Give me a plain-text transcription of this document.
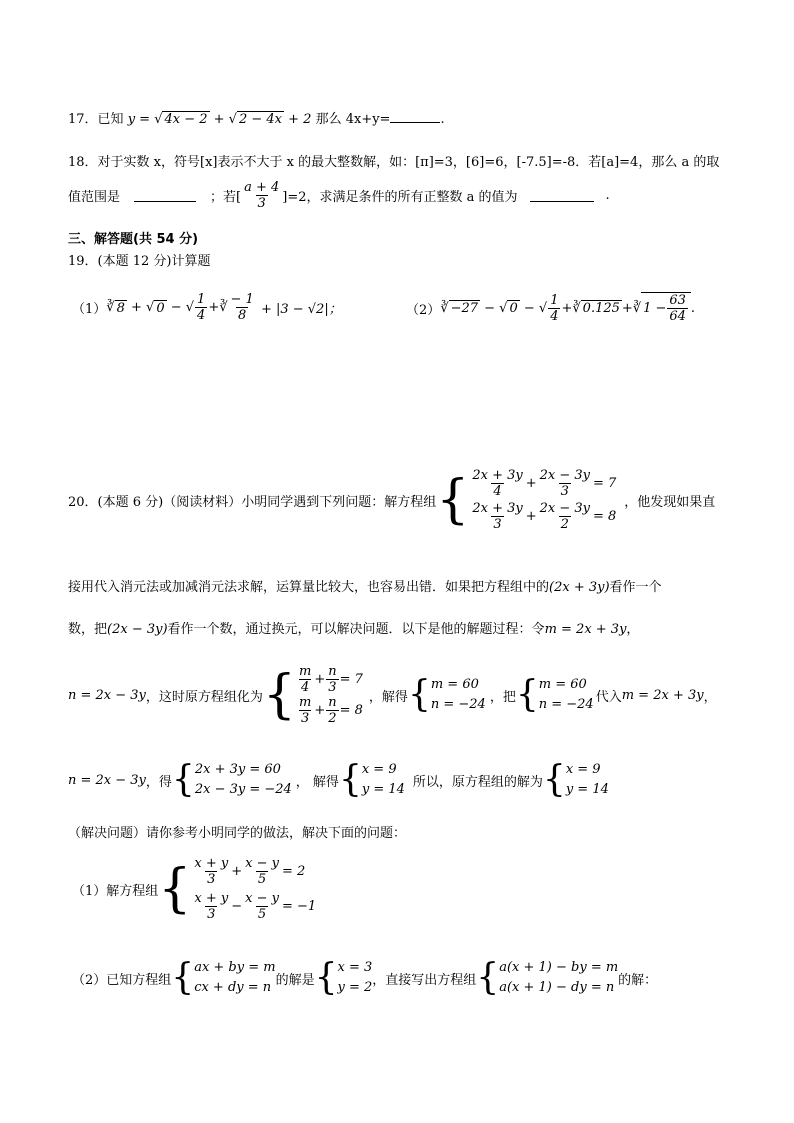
17．已知 y = √ 4x − 2 + √ 2 − 4x + 2 那么 4x+y=	.
18．对于实数 x，符号[x]表示不大于 x 的最大整数解，如：[π]=3，[6]=6，[-7.5]=-8．若[a]=4，那么 a 的取
值范围是	；若[ $\frac{a + 4}{3} ]=2$，求满足条件的所有正整数 a 的值为	.
三、解答题(共 54 分)
19．(本题 12 分)计算题
（1） ∛ 8 + √ 0 − √ $\frac{1}{4}$ +∛ $\frac{- 1}{8} + |3 - √2|$；	（2） ∛ −27 − √ 0 − √ $\frac{1}{4}$ +∛ 0.125 +∛ $1 - \frac{63}{64}$ .
20．(本题 6 分)（阅读材料）小明同学遇到下列问题：解方程组 { $\frac{2x + 3y}{4} + \frac{2x - 3y}{3} = 7$
$\frac{2x + 3y}{3} + \frac{2x - 3y}{2} = 8$
，他发现如果直
接用代入消元法或加减消元法求解，运算量比较大，也容易出错．如果把方程组中的(2x + 3y)看作一个
数，把(2x − 3y)看作一个数，通过换元，可以解决问题．以下是他的解题过程：令m = 2x + 3y，
n = 2x − 3y ，这时原方程组化为 { $\frac{m}{4} + \frac{n}{3} = 7$
$\frac{m}{3} + \frac{n}{2} = 8$
，解得 { m = 60
n = −24 ，把 { m = 60
n = −24 代入 m = 2x + 3y ，
n = 2x − 3y ，得 { 2x + 3y = 60
2x − 3y = −24 ， 解得 { x = 9
y = 14 所以，原方程组的解为 { x = 9
y = 14
（解决问题）请你参考小明同学的做法，解决下面的问题：
（1）解方程组 { $\frac{x + y}{3} + \frac{x - y}{5} = 2$
$\frac{x + y}{3} - \frac{x - y}{5} = -1$
（2）已知方程组 { ax + by = m
cx + dy = n 的解是 { x = 3
y = 2 ，直接写出方程组 { a(x + 1) − by = m
a(x + 1) − dy = n 的解：
